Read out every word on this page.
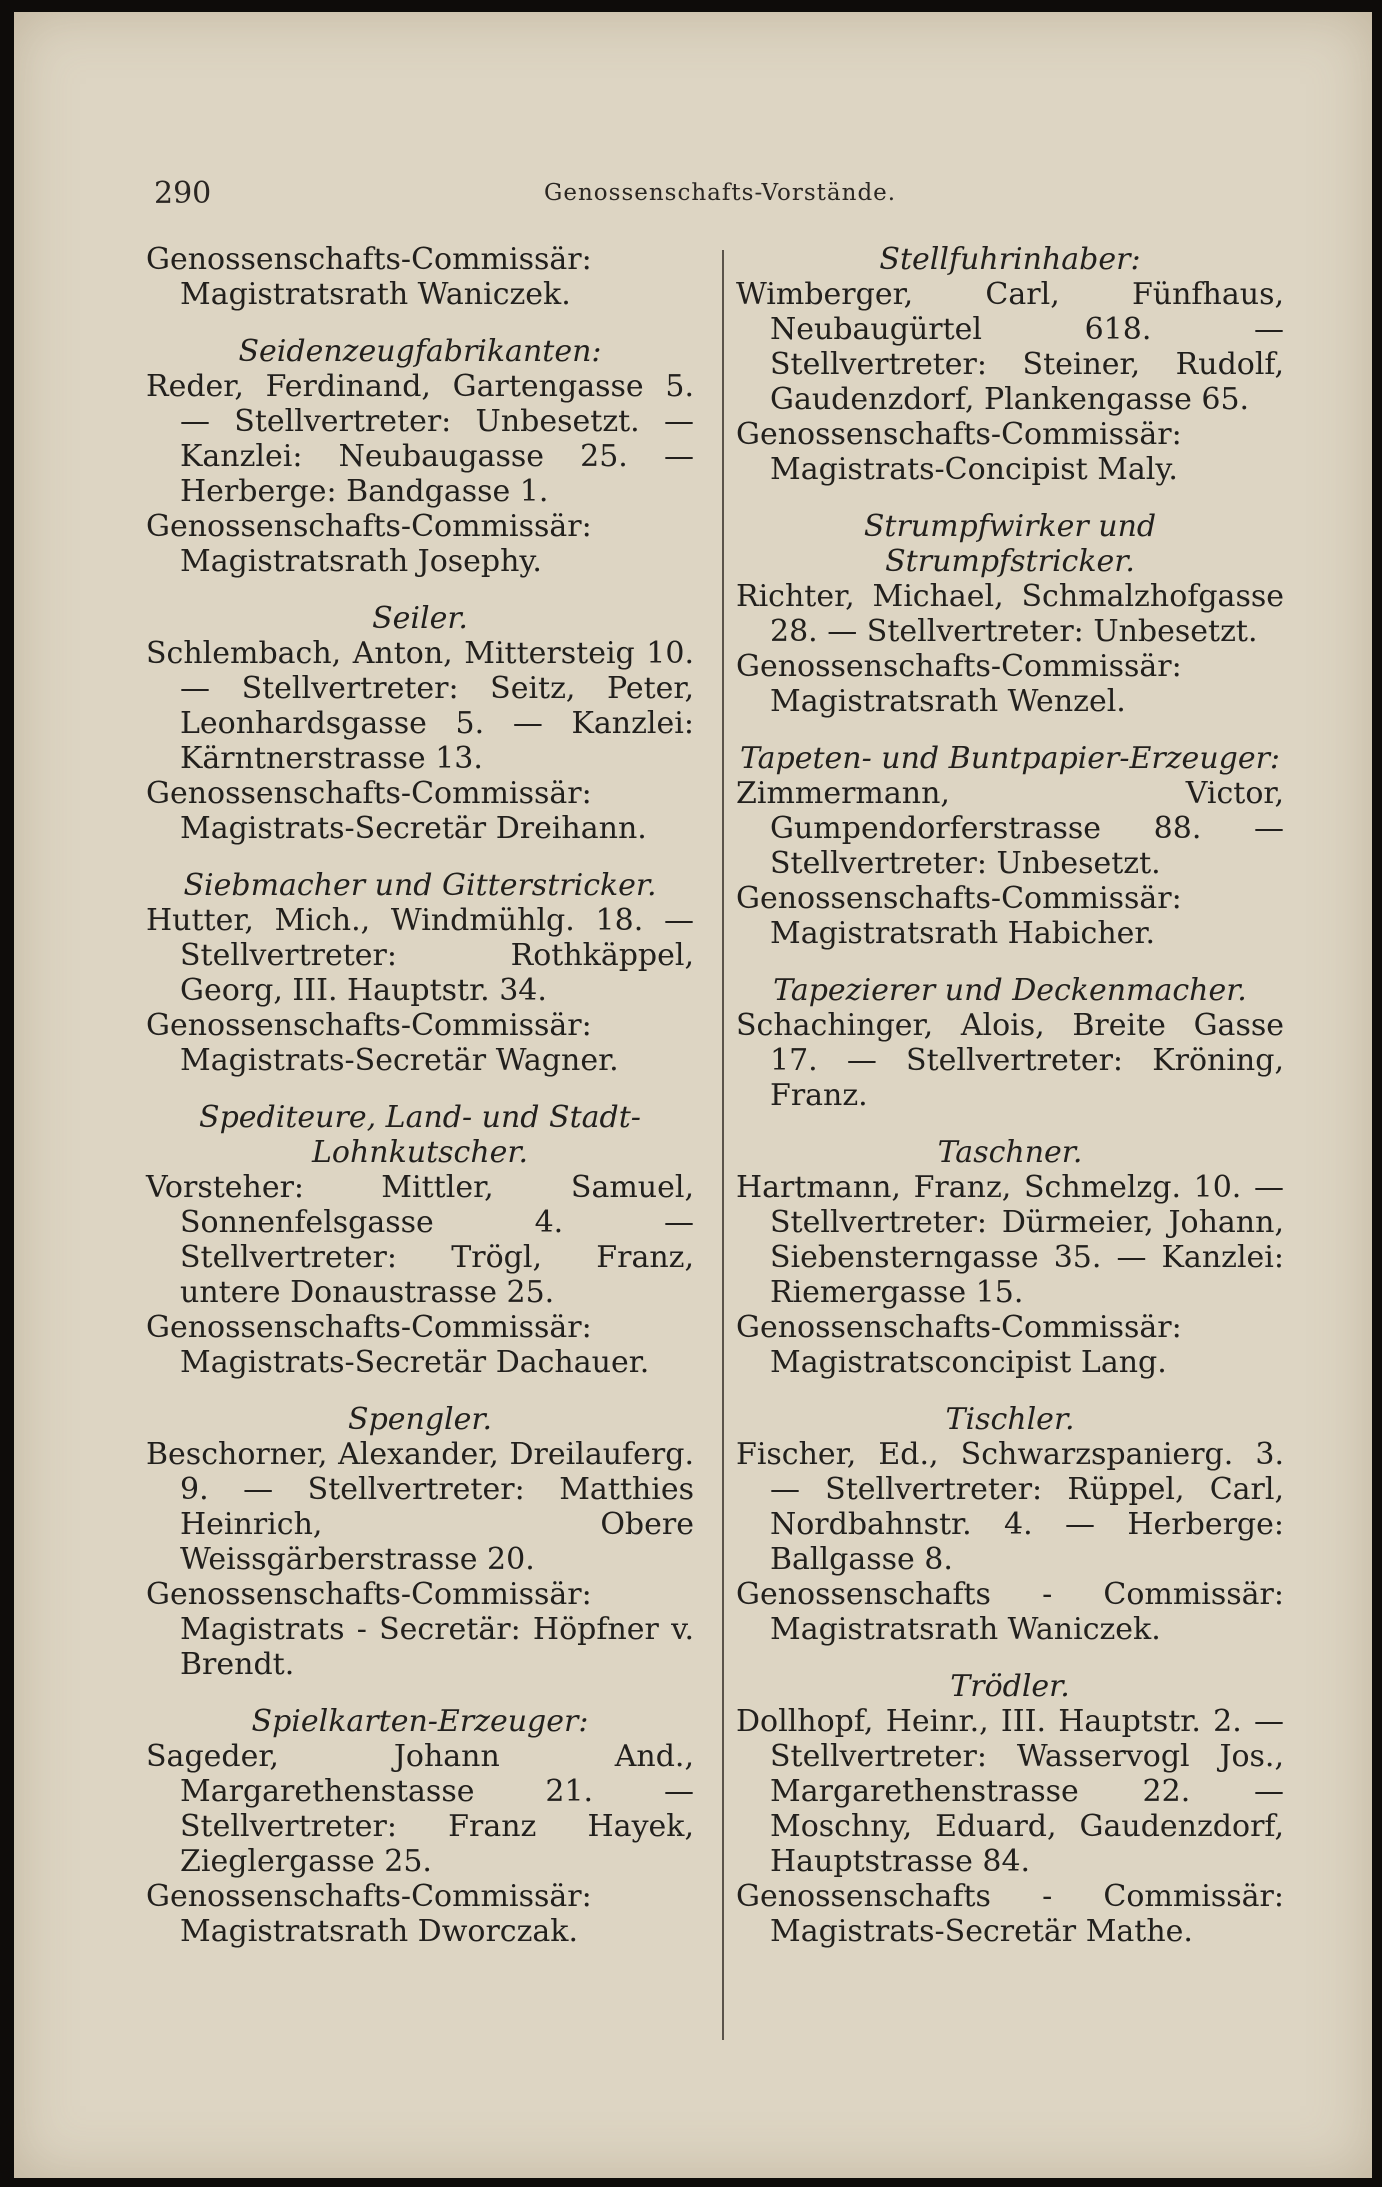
290	Genossenschafts-Vorstände.

Genossenschafts-Commissär: Magistratsrath Waniczek.

Seidenzeugfabrikanten:

Reder, Ferdinand, Gartengasse 5. — Stellvertreter: Unbesetzt. — Kanzlei: Neubaugasse 25. — Herberge: Bandgasse 1.

Genossenschafts-Commissär: Magistratsrath Josephy.

Seiler.

Schlembach, Anton, Mittersteig 10. — Stellvertreter: Seitz, Peter, Leonhardsgasse 5. — Kanzlei: Kärntnerstrasse 13.

Genossenschafts-Commissär: Magistrats-Secretär Dreihann.

Siebmacher und Gitterstricker.

Hutter, Mich., Windmühlg. 18. — Stellvertreter: Rothkäppel, Georg, III. Hauptstr. 34.

Genossenschafts-Commissär: Magistrats-Secretär Wagner.

Spediteure, Land- und Stadt-Lohnkutscher.

Vorsteher: Mittler, Samuel, Sonnenfelsgasse 4. — Stellvertreter: Trögl, Franz, untere Donaustrasse 25.

Genossenschafts-Commissär: Magistrats-Secretär Dachauer.

Spengler.

Beschorner, Alexander, Dreilauferg. 9. — Stellvertreter: Matthies Heinrich, Obere Weissgärberstrasse 20.

Genossenschafts-Commissär: Magistrats - Secretär: Höpfner v. Brendt.

Spielkarten-Erzeuger:

Sageder, Johann And., Margarethenstasse 21. — Stellvertreter: Franz Hayek, Zieglergasse 25.

Genossenschafts-Commissär: Magistratsrath Dworczak.

Stellfuhrinhaber:

Wimberger, Carl, Fünfhaus, Neubaugürtel 618. — Stellvertreter: Steiner, Rudolf, Gaudenzdorf, Plankengasse 65.

Genossenschafts-Commissär: Magistrats-Concipist Maly.

Strumpfwirker und Strumpfstricker.

Richter, Michael, Schmalzhofgasse 28. — Stellvertreter: Unbesetzt.

Genossenschafts-Commissär: Magistratsrath Wenzel.

Tapeten- und Buntpapier-Erzeuger:

Zimmermann, Victor, Gumpendorferstrasse 88. — Stellvertreter: Unbesetzt.

Genossenschafts-Commissär: Magistratsrath Habicher.

Tapezierer und Deckenmacher.

Schachinger, Alois, Breite Gasse 17. — Stellvertreter: Kröning, Franz.

Taschner.

Hartmann, Franz, Schmelzg. 10. — Stellvertreter: Dürmeier, Johann, Siebensterngasse 35. — Kanzlei: Riemergasse 15.

Genossenschafts-Commissär: Magistratsconcipist Lang.

Tischler.

Fischer, Ed., Schwarzspanierg. 3. — Stellvertreter: Rüppel, Carl, Nordbahnstr. 4. — Herberge: Ballgasse 8.

Genossenschafts - Commissär: Magistratsrath Waniczek.

Trödler.

Dollhopf, Heinr., III. Hauptstr. 2. — Stellvertreter: Wasservogl Jos., Margarethenstrasse 22. — Moschny, Eduard, Gaudenzdorf, Hauptstrasse 84.

Genossenschafts - Commissär: Magistrats-Secretär Mathe.
